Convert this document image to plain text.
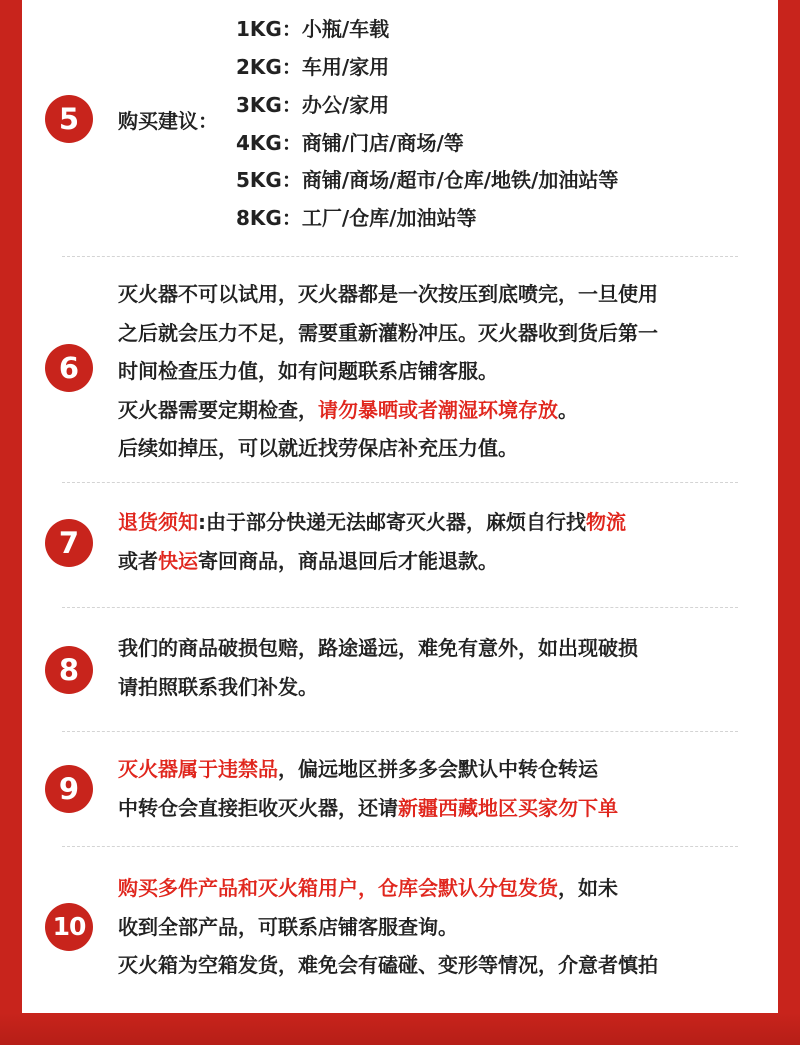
5	购买建议：
1KG：小瓶/车载
2KG：车用/家用
3KG：办公/家用
4KG：商铺/门店/商场/等
5KG：商铺/商场/超市/仓库/地铁/加油站等
8KG：工厂/仓库/加油站等
6
灭火器不可以试用，灭火器都是一次按压到底喷完，一旦使用
之后就会压力不足，需要重新灌粉冲压。灭火器收到货后第一
时间检查压力值，如有问题联系店铺客服。
灭火器需要定期检查，请勿暴晒或者潮湿环境存放。
后续如掉压，可以就近找劳保店补充压力值。
7
退货须知:由于部分快递无法邮寄灭火器，麻烦自行找物流
或者快运寄回商品，商品退回后才能退款。
8
我们的商品破损包赔，路途遥远，难免有意外，如出现破损
请拍照联系我们补发。
9
灭火器属于违禁品，偏远地区拼多多会默认中转仓转运
中转仓会直接拒收灭火器，还请新疆西藏地区买家勿下单
10
购买多件产品和灭火箱用户，仓库会默认分包发货，如未
收到全部产品，可联系店铺客服查询。
灭火箱为空箱发货，难免会有磕碰、变形等情况，介意者慎拍
